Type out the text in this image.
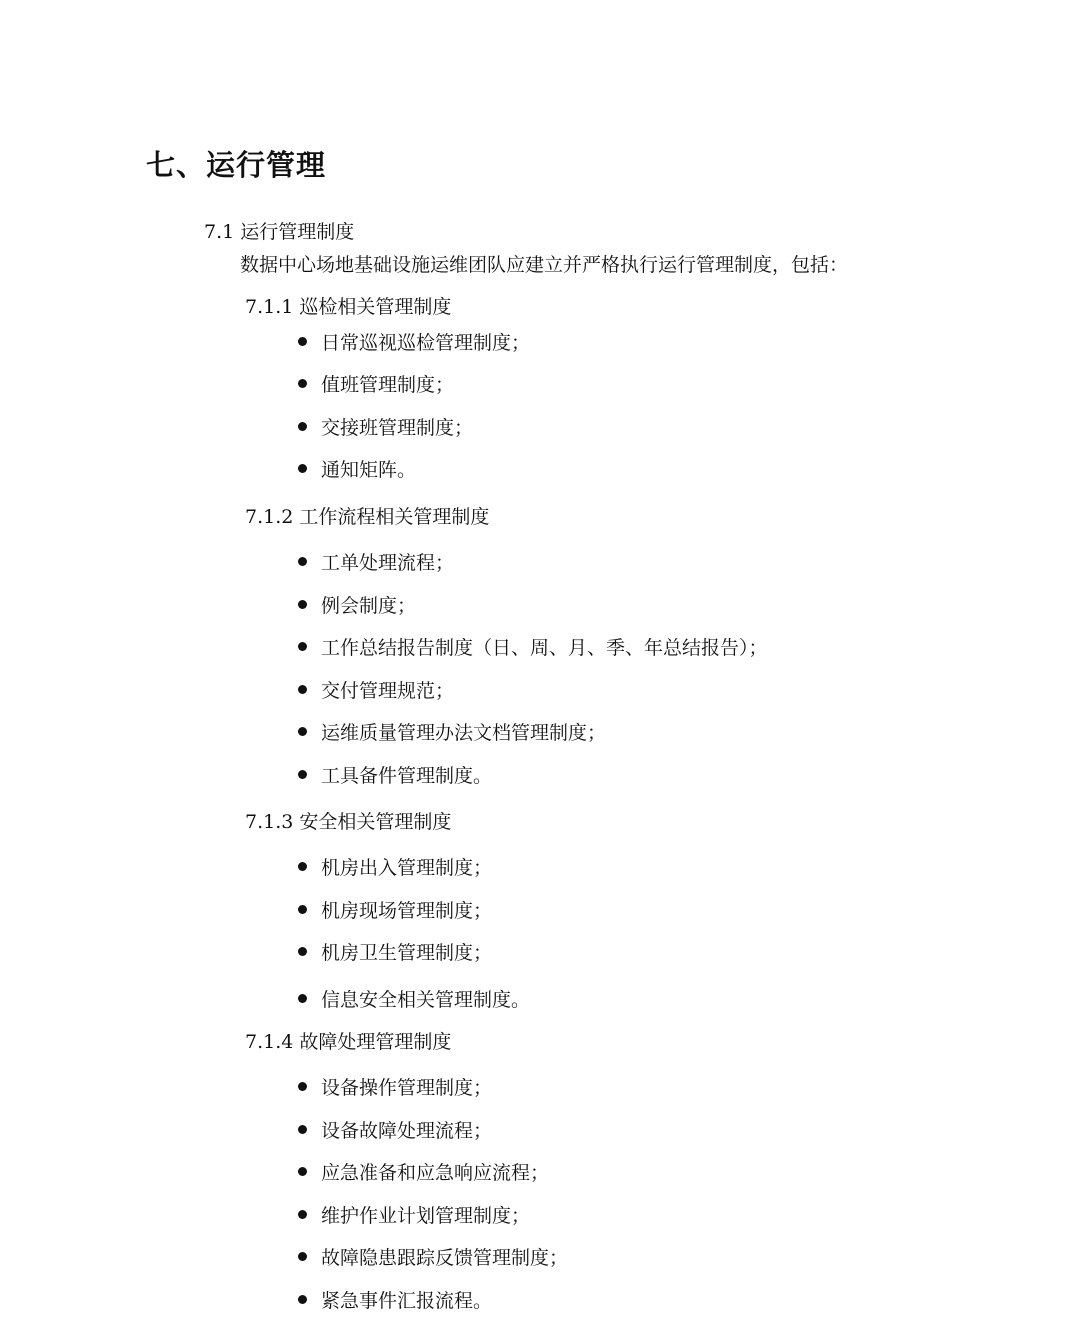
七、运行管理
7.1 运行管理制度
数据中心场地基础设施运维团队应建立并严格执行运行管理制度，包括：
7.1.1 巡检相关管理制度
日常巡视巡检管理制度；
值班管理制度；
交接班管理制度；
通知矩阵。
7.1.2 工作流程相关管理制度
工单处理流程；
例会制度；
工作总结报告制度（日、周、月、季、年总结报告）；
交付管理规范；
运维质量管理办法文档管理制度；
工具备件管理制度。
7.1.3 安全相关管理制度
机房出入管理制度；
机房现场管理制度；
机房卫生管理制度；
信息安全相关管理制度。
7.1.4 故障处理管理制度
设备操作管理制度；
设备故障处理流程；
应急准备和应急响应流程；
维护作业计划管理制度；
故障隐患跟踪反馈管理制度；
紧急事件汇报流程。
